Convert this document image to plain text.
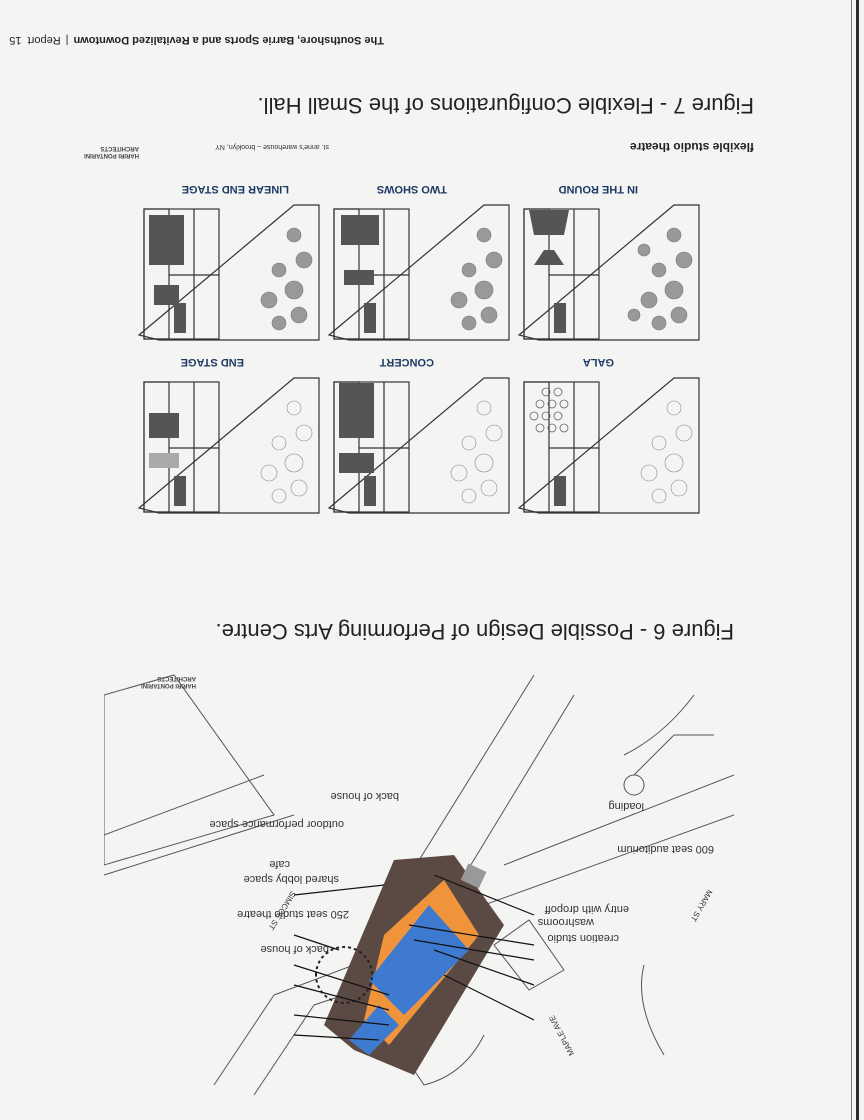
The Southshore, Barrie Sports and a Revitalized Downtown|Report  15
Figure 7 - Flexible Configurations of the Small Hall.
flexible studio theatre
st. anne's warehouse – brooklyn, NY
HARIRI PONTARINI ARCHITECTS
IN THE ROUND
TWO SHOWS
LINEAR END STAGE
GALA
CONCERT
END STAGE
Figure 6 - Possible Design of Performing Arts Centre.
HARIRI PONTARINI ARCHITECTS
SIMCOE ST	MARY ST
MAPLE AVE
loading
600 seat auditorium
entry with dropoff
washrooms
creation studio
back of house
outdoor performance space
cafe
shared lobby space
250 seat studio theatre
back of house
